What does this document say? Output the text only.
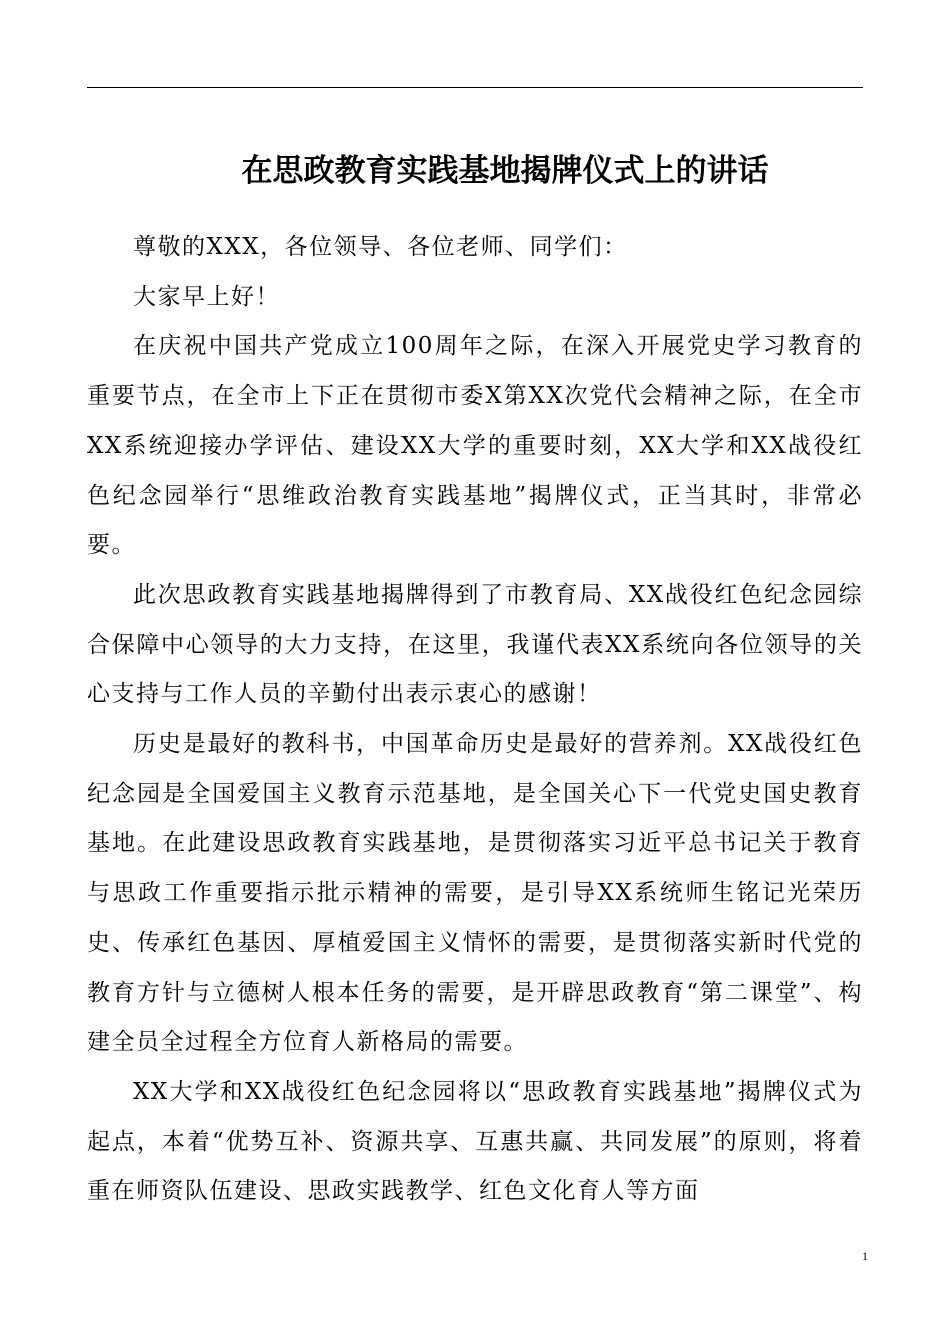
在思政教育实践基地揭牌仪式上的讲话

尊敬的XXX，各位领导、各位老师、同学们：

大家早上好！

在庆祝中国共产党成立100周年之际，在深入开展党史学习教育的重要节点，在全市上下正在贯彻市委X第XX次党代会精神之际，在全市XX系统迎接办学评估、建设XX大学的重要时刻，XX大学和XX战役红色纪念园举行“思维政治教育实践基地”揭牌仪式，正当其时，非常必要。

此次思政教育实践基地揭牌得到了市教育局、XX战役红色纪念园综合保障中心领导的大力支持，在这里，我谨代表XX系统向各位领导的关心支持与工作人员的辛勤付出表示衷心的感谢！

历史是最好的教科书，中国革命历史是最好的营养剂。XX战役红色纪念园是全国爱国主义教育示范基地，是全国关心下一代党史国史教育基地。在此建设思政教育实践基地，是贯彻落实习近平总书记关于教育与思政工作重要指示批示精神的需要，是引导XX系统师生铭记光荣历史、传承红色基因、厚植爱国主义情怀的需要，是贯彻落实新时代党的教育方针与立德树人根本任务的需要，是开辟思政教育“第二课堂”、构建全员全过程全方位育人新格局的需要。

XX大学和XX战役红色纪念园将以“思政教育实践基地”揭牌仪式为起点，本着“优势互补、资源共享、互惠共赢、共同发展”的原则，将着重在师资队伍建设、思政实践教学、红色文化育人等方面

1
